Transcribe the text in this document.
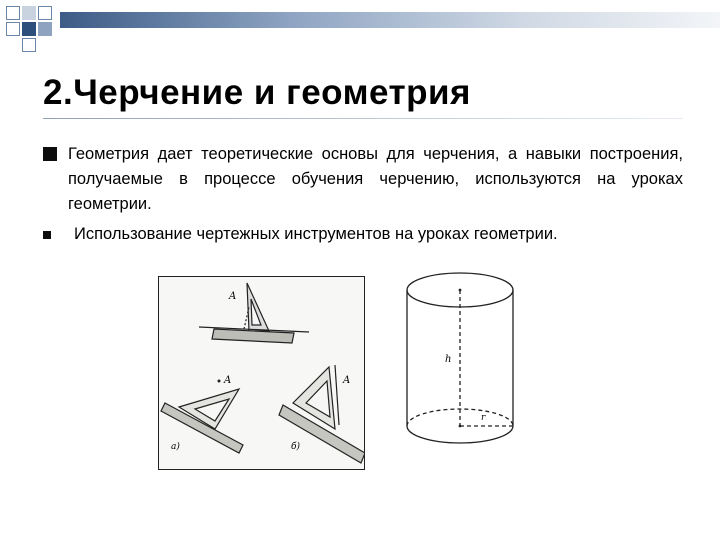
2.Черчение и геометрия
Геометрия дает теоретические основы для черчения, а навыки построения, получаемые в процессе обучения черчению, используются на уроках геометрии.
Использование чертежных инструментов на уроках геометрии.
A
A
а)
A
б)
h
r
